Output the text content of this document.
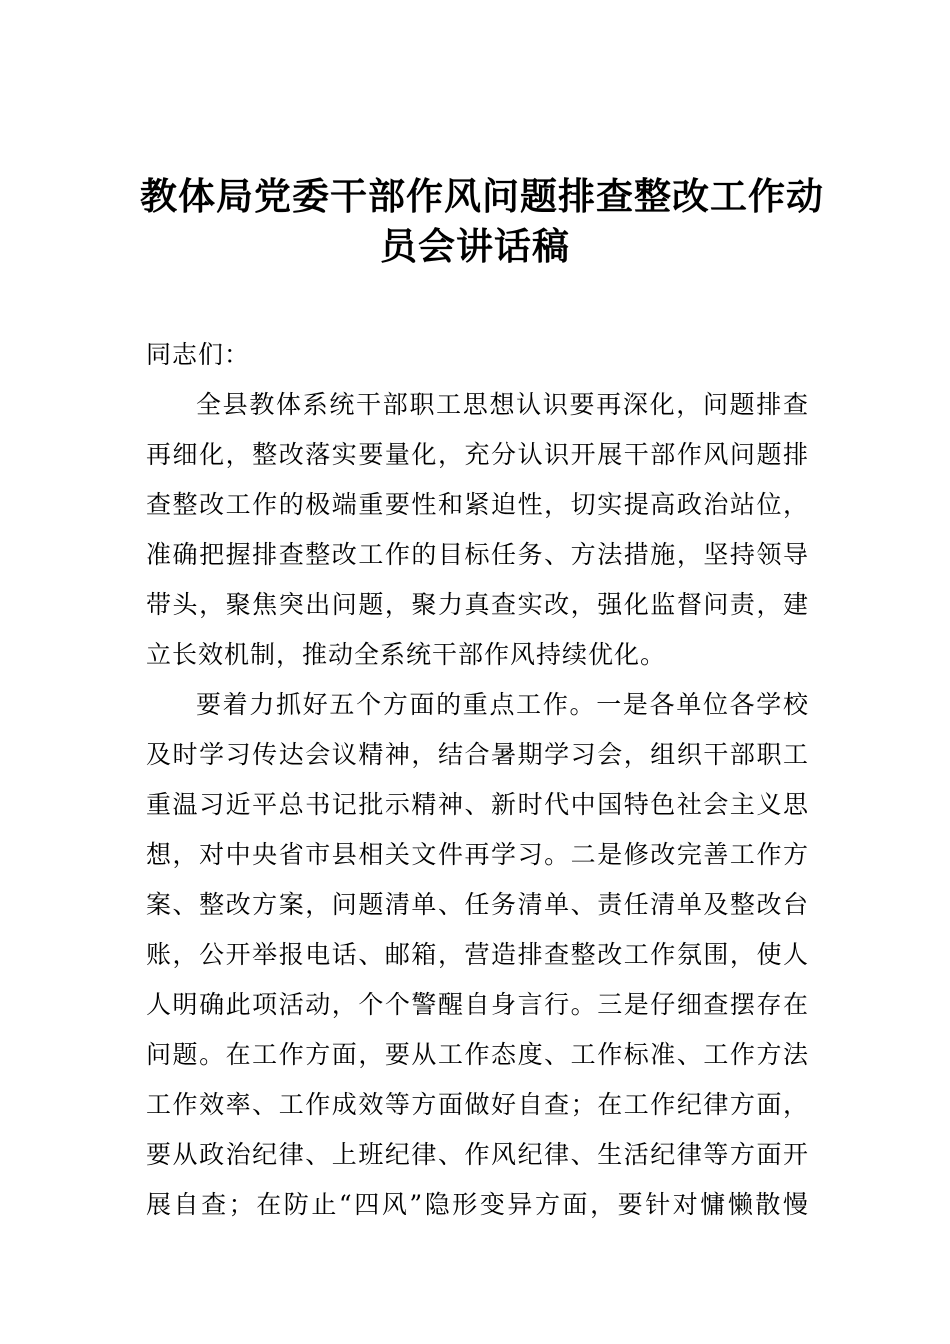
教体局党委干部作风问题排查整改工作动
员会讲话稿

同志们：

全县教体系统干部职工思想认识要再深化，问题排查
再细化，整改落实要量化，充分认识开展干部作风问题排
查整改工作的极端重要性和紧迫性，切实提高政治站位，
准确把握排查整改工作的目标任务、方法措施，坚持领导
带头，聚焦突出问题，聚力真查实改，强化监督问责，建
立长效机制，推动全系统干部作风持续优化。

要着力抓好五个方面的重点工作。一是各单位各学校
及时学习传达会议精神，结合暑期学习会，组织干部职工
重温习近平总书记批示精神、新时代中国特色社会主义思
想，对中央省市县相关文件再学习。二是修改完善工作方
案、整改方案，问题清单、任务清单、责任清单及整改台
账，公开举报电话、邮箱，营造排查整改工作氛围，使人
人明确此项活动，个个警醒自身言行。三是仔细查摆存在
问题。在工作方面，要从工作态度、工作标准、工作方法
工作效率、工作成效等方面做好自查；在工作纪律方面，
要从政治纪律、上班纪律、作风纪律、生活纪律等方面开
展自查；在防止“四风”隐形变异方面，要针对慵懒散慢
